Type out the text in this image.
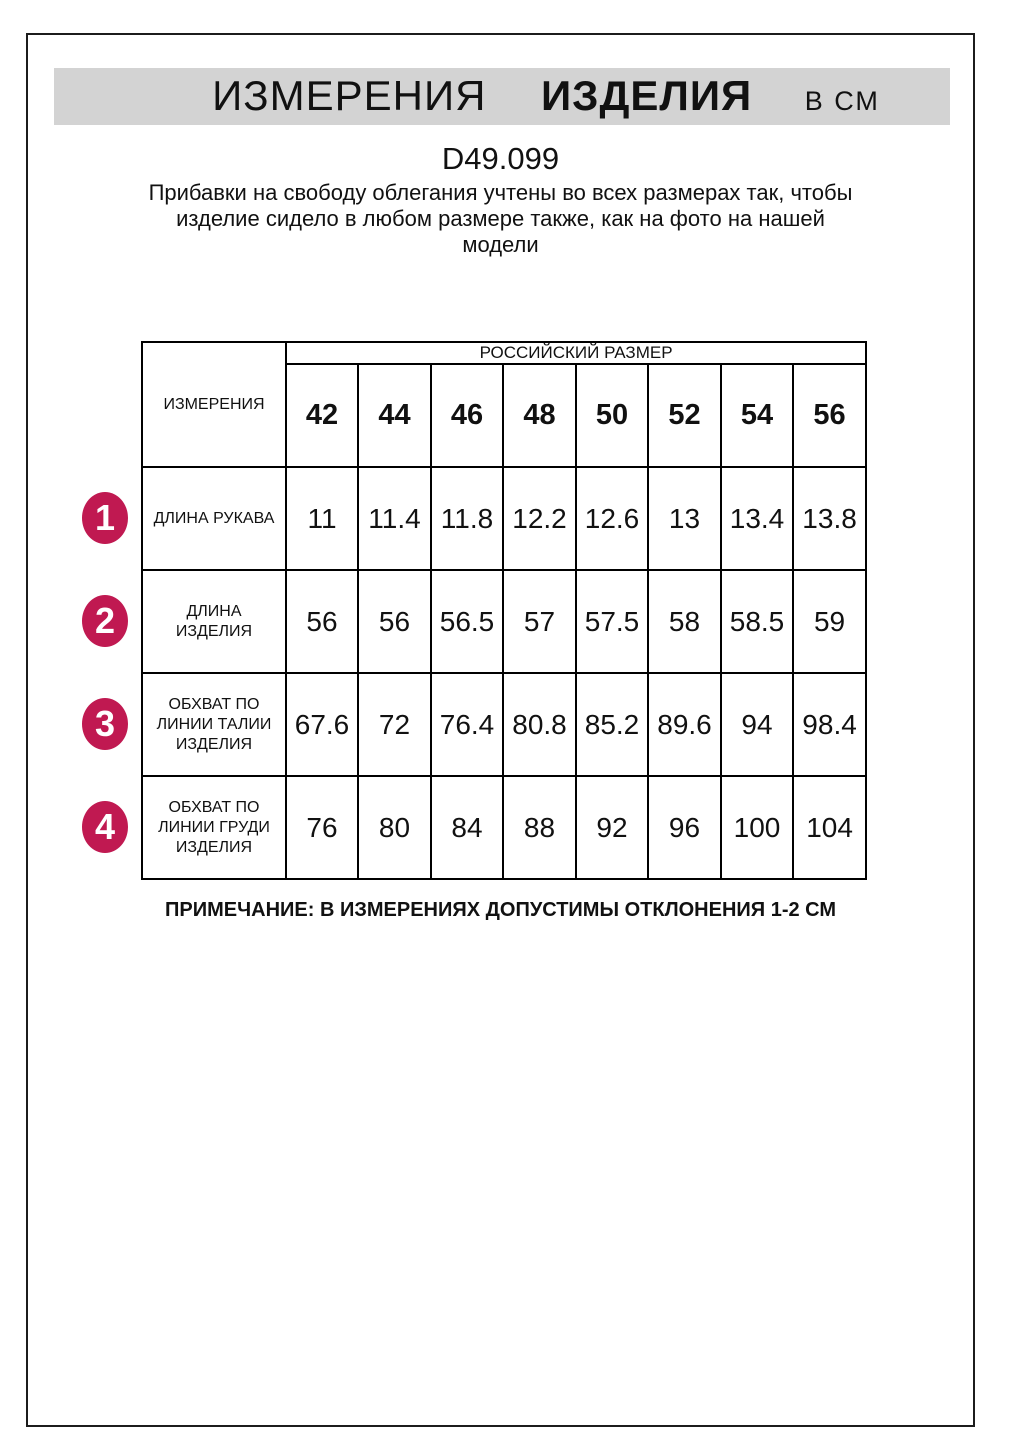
ИЗМЕРЕНИЯ ИЗДЕЛИЯ В СМ
D49.099
Прибавки на свободу облегания учтены во всех размерах так, чтобы
изделие сидело в любом размере также, как на фото на нашей
модели
ИЗМЕРЕНИЯ	РОССИЙСКИЙ РАЗМЕР							
	42	44	46	48	50	52	54	56

ДЛИНА РУКАВА	11	11.4	11.8	12.2	12.6	13	13.4	13.8

ДЛИНА
ИЗДЕЛИЯ	56	56	56.5	57	57.5	58	58.5	59

ОБХВАТ ПО
ЛИНИИ ТАЛИИ
ИЗДЕЛИЯ	67.6	72	76.4	80.8	85.2	89.6	94	98.4

ОБХВАТ ПО
ЛИНИИ ГРУДИ
ИЗДЕЛИЯ	76	80	84	88	92	96	100	104
1
2
3
4
ПРИМЕЧАНИЕ: В ИЗМЕРЕНИЯХ ДОПУСТИМЫ ОТКЛОНЕНИЯ 1-2 СМ
